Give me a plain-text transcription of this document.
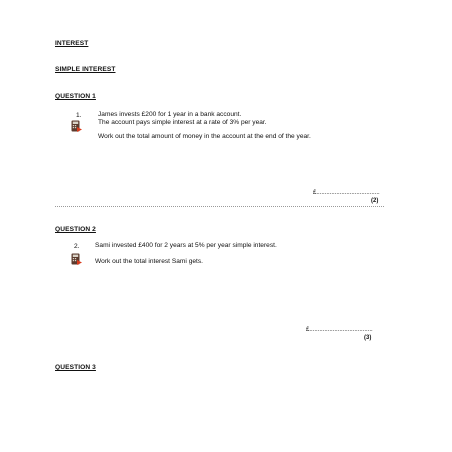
INTEREST
SIMPLE INTEREST
QUESTION 1
1.	James invests £200 for 1 year in a bank account.
The account pays simple interest at a rate of 3% per year.
Work out the total amount of money in the account at the end of the year.
£......................................
(2)
QUESTION 2
2. Sami invested £400 for 2 years at 5% per year simple interest.
Work out the total interest Sami gets.
£......................................
(3)
QUESTION 3
